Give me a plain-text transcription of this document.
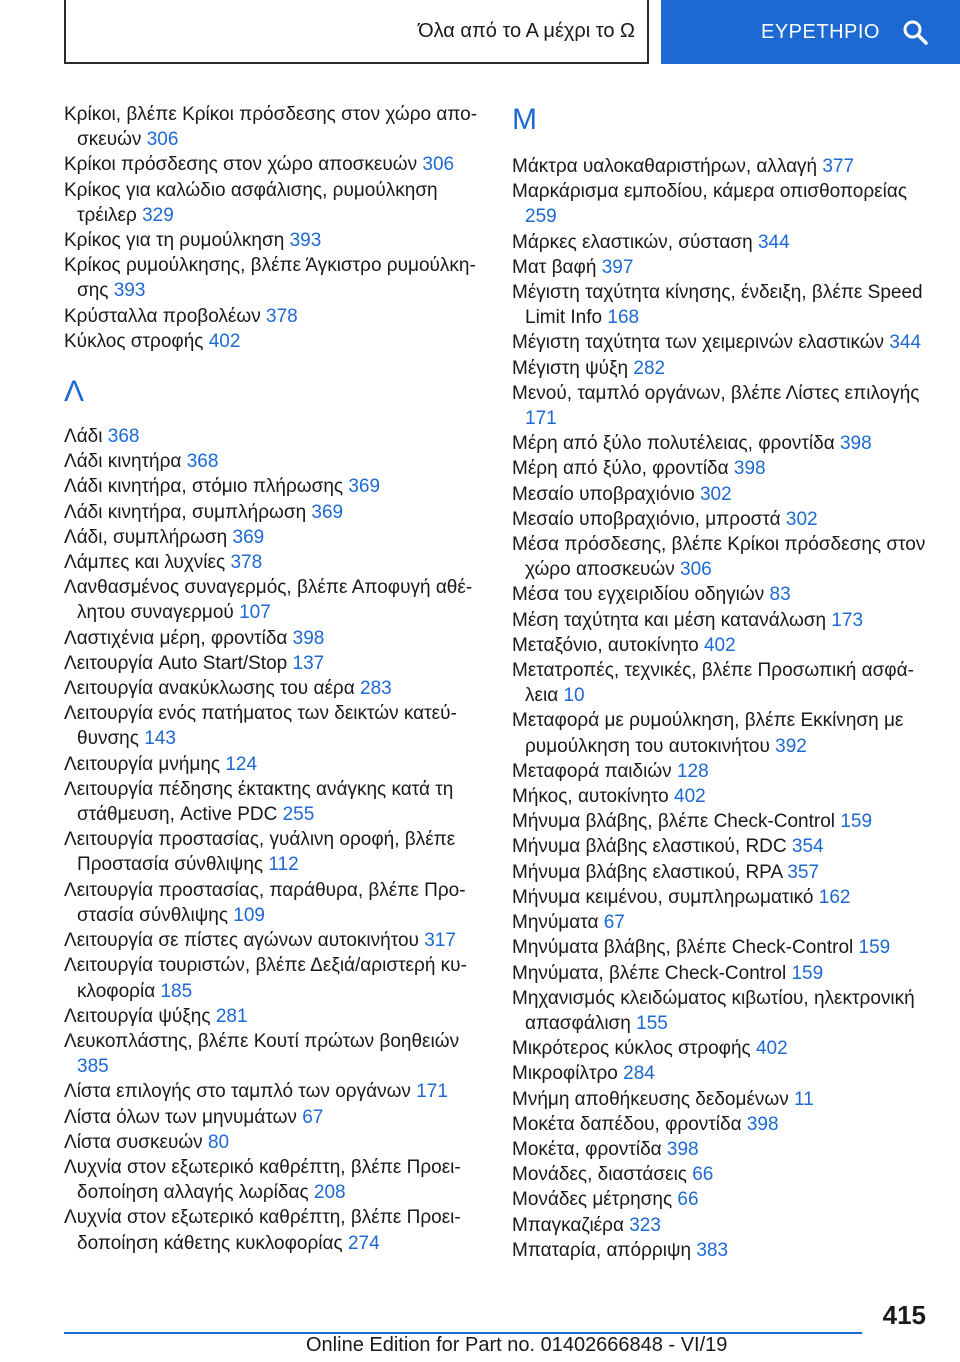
Όλα από το Α μέχρι το Ω	ΕΥΡΕΤΗΡΙΟ

Κρίκοι, βλέπε Κρίκοι πρόσδεσης στον χώρο αποσκευών 306

Κρίκοι πρόσδεσης στον χώρο αποσκευών 306

Κρίκος για καλώδιο ασφάλισης, ρυμούλκηση τρέιλερ 329

Κρίκος για τη ρυμούλκηση 393

Κρίκος ρυμούλκησης, βλέπε Άγκιστρο ρυμούλκησης 393

Κρύσταλλα προβολέων 378

Κύκλος στροφής 402

Λ

Λάδι 368

Λάδι κινητήρα 368

Λάδι κινητήρα, στόμιο πλήρωσης 369

Λάδι κινητήρα, συμπλήρωση 369

Λάδι, συμπλήρωση 369

Λάμπες και λυχνίες 378

Λανθασμένος συναγερμός, βλέπε Αποφυγή αθέλητου συναγερμού 107

Λαστιχένια μέρη, φροντίδα 398

Λειτουργία Auto Start/Stop 137

Λειτουργία ανακύκλωσης του αέρα 283

Λειτουργία ενός πατήματος των δεικτών κατεύθυνσης 143

Λειτουργία μνήμης 124

Λειτουργία πέδησης έκτακτης ανάγκης κατά τη στάθμευση, Active PDC 255

Λειτουργία προστασίας, γυάλινη οροφή, βλέπε Προστασία σύνθλιψης 112

Λειτουργία προστασίας, παράθυρα, βλέπε Προστασία σύνθλιψης 109

Λειτουργία σε πίστες αγώνων αυτοκινήτου 317

Λειτουργία τουριστών, βλέπε Δεξιά/αριστερή κυκλοφορία 185

Λειτουργία ψύξης 281

Λευκοπλάστης, βλέπε Κουτί πρώτων βοηθειών 385

Λίστα επιλογής στο ταμπλό των οργάνων 171

Λίστα όλων των μηνυμάτων 67

Λίστα συσκευών 80

Λυχνία στον εξωτερικό καθρέπτη, βλέπε Προειδοποίηση αλλαγής λωρίδας 208

Λυχνία στον εξωτερικό καθρέπτη, βλέπε Προειδοποίηση κάθετης κυκλοφορίας 274

Μ

Μάκτρα υαλοκαθαριστήρων, αλλαγή 377

Μαρκάρισμα εμποδίου, κάμερα οπισθοπορείας 259

Μάρκες ελαστικών, σύσταση 344

Ματ βαφή 397

Μέγιστη ταχύτητα κίνησης, ένδειξη, βλέπε Speed Limit Info 168

Μέγιστη ταχύτητα των χειμερινών ελαστικών 344

Μέγιστη ψύξη 282

Μενού, ταμπλό οργάνων, βλέπε Λίστες επιλογής 171

Μέρη από ξύλο πολυτέλειας, φροντίδα 398

Μέρη από ξύλο, φροντίδα 398

Μεσαίο υποβραχιόνιο 302

Μεσαίο υποβραχιόνιο, μπροστά 302

Μέσα πρόσδεσης, βλέπε Κρίκοι πρόσδεσης στον χώρο αποσκευών 306

Μέσα του εγχειριδίου οδηγιών 83

Μέση ταχύτητα και μέση κατανάλωση 173

Μεταξόνιο, αυτοκίνητο 402

Μετατροπές, τεχνικές, βλέπε Προσωπική ασφάλεια 10

Μεταφορά με ρυμούλκηση, βλέπε Εκκίνηση με ρυμούλκηση του αυτοκινήτου 392

Μεταφορά παιδιών 128

Μήκος, αυτοκίνητο 402

Μήνυμα βλάβης, βλέπε Check-Control 159

Μήνυμα βλάβης ελαστικού, RDC 354

Μήνυμα βλάβης ελαστικού, RPA 357

Μήνυμα κειμένου, συμπληρωματικό 162

Μηνύματα 67

Μηνύματα βλάβης, βλέπε Check-Control 159

Μηνύματα, βλέπε Check-Control 159

Μηχανισμός κλειδώματος κιβωτίου, ηλεκτρονική απασφάλιση 155

Μικρότερος κύκλος στροφής 402

Μικροφίλτρο 284

Μνήμη αποθήκευσης δεδομένων 11

Μοκέτα δαπέδου, φροντίδα 398

Μοκέτα, φροντίδα 398

Μονάδες, διαστάσεις 66

Μονάδες μέτρησης 66

Μπαγκαζιέρα 323

Μπαταρία, απόρριψη 383

415
Online Edition for Part no. 01402666848 - VI/19
